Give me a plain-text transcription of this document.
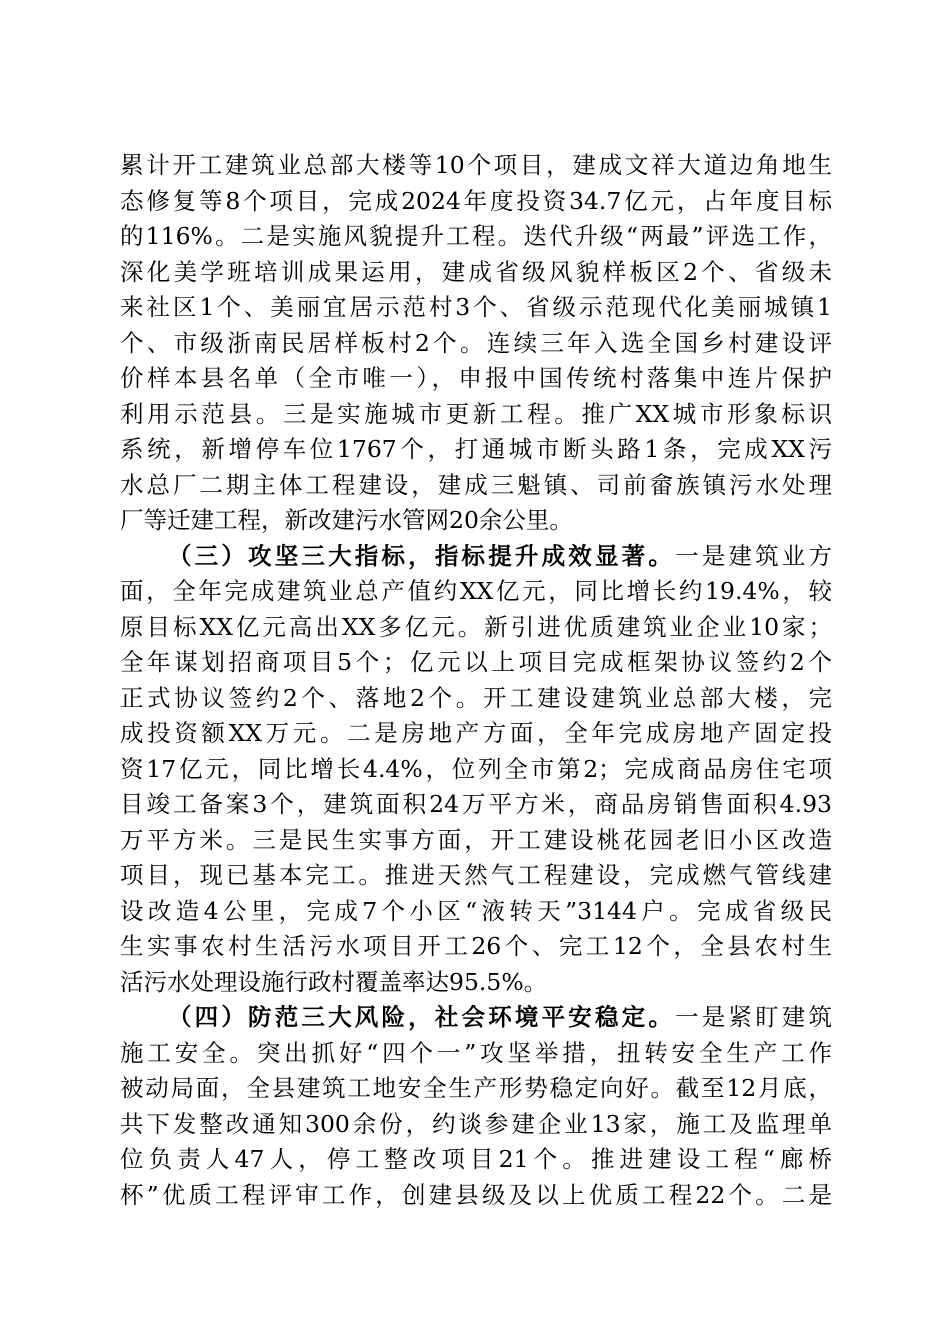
累计开工建筑业总部大楼等10个项目，建成文祥大道边角地生
态修复等8个项目，完成2024年度投资34.7亿元，占年度目标
的116%。二是实施风貌提升工程。迭代升级“两最”评选工作，
深化美学班培训成果运用，建成省级风貌样板区2个、省级未
来社区1个、美丽宜居示范村3个、省级示范现代化美丽城镇1
个、市级浙南民居样板村2个。连续三年入选全国乡村建设评
价样本县名单（全市唯一），申报中国传统村落集中连片保护
利用示范县。三是实施城市更新工程。推广XX城市形象标识
系统，新增停车位1767个，打通城市断头路1条，完成XX污
水总厂二期主体工程建设，建成三魁镇、司前畲族镇污水处理
厂等迁建工程，新改建污水管网20余公里。
（三）攻坚三大指标，指标提升成效显著。一是建筑业方
面，全年完成建筑业总产值约XX亿元，同比增长约19.4%，较
原目标XX亿元高出XX多亿元。新引进优质建筑业企业10家；
全年谋划招商项目5个；亿元以上项目完成框架协议签约2个
正式协议签约2个、落地2个。开工建设建筑业总部大楼，完
成投资额XX万元。二是房地产方面，全年完成房地产固定投
资17亿元，同比增长4.4%，位列全市第2；完成商品房住宅项
目竣工备案3个，建筑面积24万平方米，商品房销售面积4.93
万平方米。三是民生实事方面，开工建设桃花园老旧小区改造
项目，现已基本完工。推进天然气工程建设，完成燃气管线建
设改造4公里，完成7个小区“液转天”3144户。完成省级民
生实事农村生活污水项目开工26个、完工12个，全县农村生
活污水处理设施行政村覆盖率达95.5%。
（四）防范三大风险，社会环境平安稳定。一是紧盯建筑
施工安全。突出抓好“四个一”攻坚举措，扭转安全生产工作
被动局面，全县建筑工地安全生产形势稳定向好。截至12月底，
共下发整改通知300余份，约谈参建企业13家，施工及监理单
位负责人47人，停工整改项目21个。推进建设工程“廊桥
杯”优质工程评审工作，创建县级及以上优质工程22个。二是
